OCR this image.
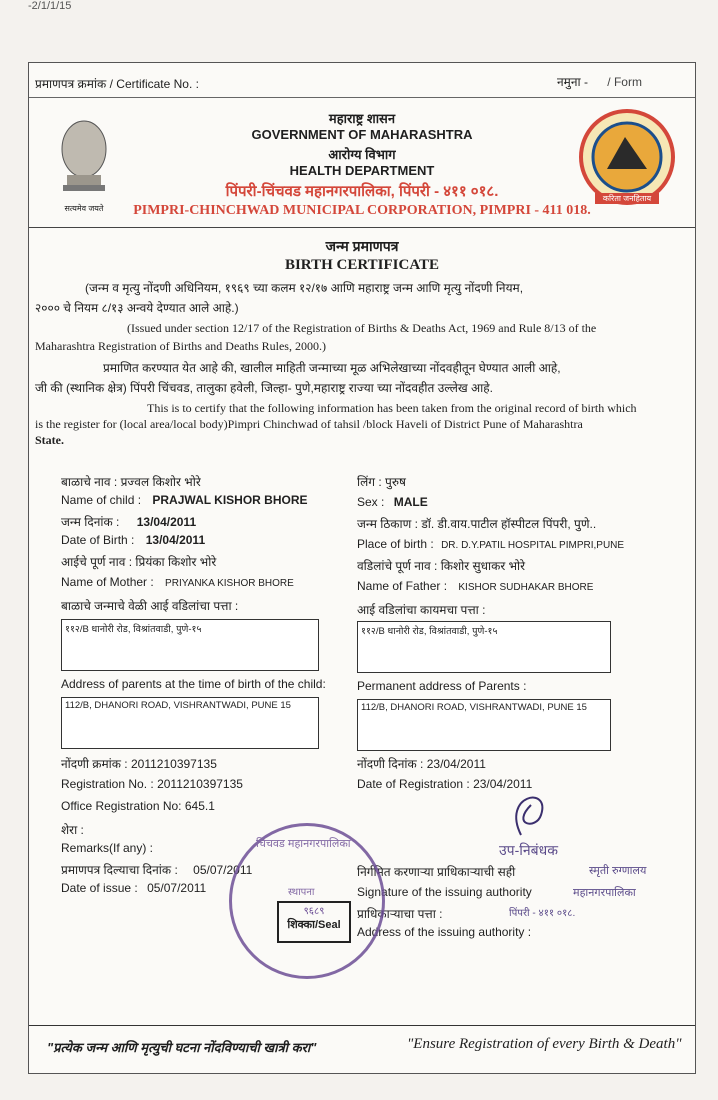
-2/1/1/15
प्रमाणपत्र क्रमांक / Certificate No. :	नमुना - / Form
सत्यमेव जयते
महाराष्ट्र शासन
GOVERNMENT OF MAHARASHTRA
आरोग्य विभाग
HEALTH DEPARTMENT
पिंपरी-चिंचवड महानगरपालिका, पिंपरी - ४११ ०१८.
PIMPRI-CHINCHWAD MUNICIPAL CORPORATION, PIMPRI - 411 018.
करिता जनहिताय
जन्म प्रमाणपत्र
BIRTH CERTIFICATE
(जन्म व मृत्यु नोंदणी अधिनियम, १९६९ च्या कलम १२/१७ आणि महाराष्ट्र जन्म आणि मृत्यु नोंदणी नियम,
२००० चे नियम ८/१३ अन्वये देण्यात आले आहे.)
(Issued under section 12/17 of the Registration of Births & Deaths Act, 1969 and Rule 8/13 of the
Maharashtra Registration of Births and Deaths Rules, 2000.)
प्रमाणित करण्यात येत आहे की, खालील माहिती जन्माच्या मूळ अभिलेखाच्या नोंदवहीतून घेण्यात आली आहे,
जी की (स्थानिक क्षेत्र) पिंपरी चिंचवड, तालुका हवेली, जिल्हा- पुणे,महाराष्ट्र राज्या च्या नोंदवहीत उल्लेख आहे.
This is to certify that the following information has been taken from the original record of birth which
is the register for (local area/local body)Pimpri Chinchwad of tahsil /block Haveli of District Pune of Maharashtra
State.
बाळाचे नाव : प्रज्वल किशोर भोरे
Name of child : PRAJWAL KISHOR BHORE
जन्म दिनांक : 13/04/2011
Date of Birth : 13/04/2011
आईचे पूर्ण नाव : प्रियंका किशोर भोरे
Name of Mother : PRIYANKA KISHOR BHORE
बाळाचे जन्माचे वेळी आई वडिलांचा पत्ता :
११२/B धानोरी रोड, विश्रांतवाडी, पुणे-१५
Address of parents at the time of birth of the child:
112/B, DHANORI ROAD, VISHRANTWADI, PUNE 15
लिंग : पुरुष
Sex : MALE
जन्म ठिकाण : डॉ. डी.वाय.पाटील हॉस्पीटल पिंपरी, पुणे..
Place of birth : DR. D.Y.PATIL HOSPITAL PIMPRI,PUNE
वडिलांचे पूर्ण नाव : किशोर सुधाकर भोरे
Name of Father : KISHOR SUDHAKAR BHORE
आई वडिलांचा कायमचा पत्ता :
११२/B धानोरी रोड, विश्रांतवाडी, पुणे-१५
Permanent address of Parents :
112/B, DHANORI ROAD, VISHRANTWADI, PUNE 15
नोंदणी क्रमांक : 2011210397135
Registration No. : 2011210397135
Office Registration No: 645.1
नोंदणी दिनांक : 23/04/2011
Date of Registration : 23/04/2011
शेरा :
Remarks(If any) :
प्रमाणपत्र दिल्याचा दिनांक : 05/07/2011
Date of issue : 05/07/2011
उप-निबंधक
निर्गमित करणाऱ्या प्राधिकाऱ्याची सही	स्मृती रुग्णालय
Signature of the issuing authority	महानगरपालिका
प्राधिकाऱ्याचा पत्ता :	पिंपरी - ४११ ०१८.
Address of the issuing authority :
चिंचवड महानगरपालिका
स्थापना
९६८९
शिक्का/Seal
"प्रत्येक जन्म आणि मृत्युची घटना नोंदविण्याची खात्री करा"	"Ensure Registration of every Birth & Death"
